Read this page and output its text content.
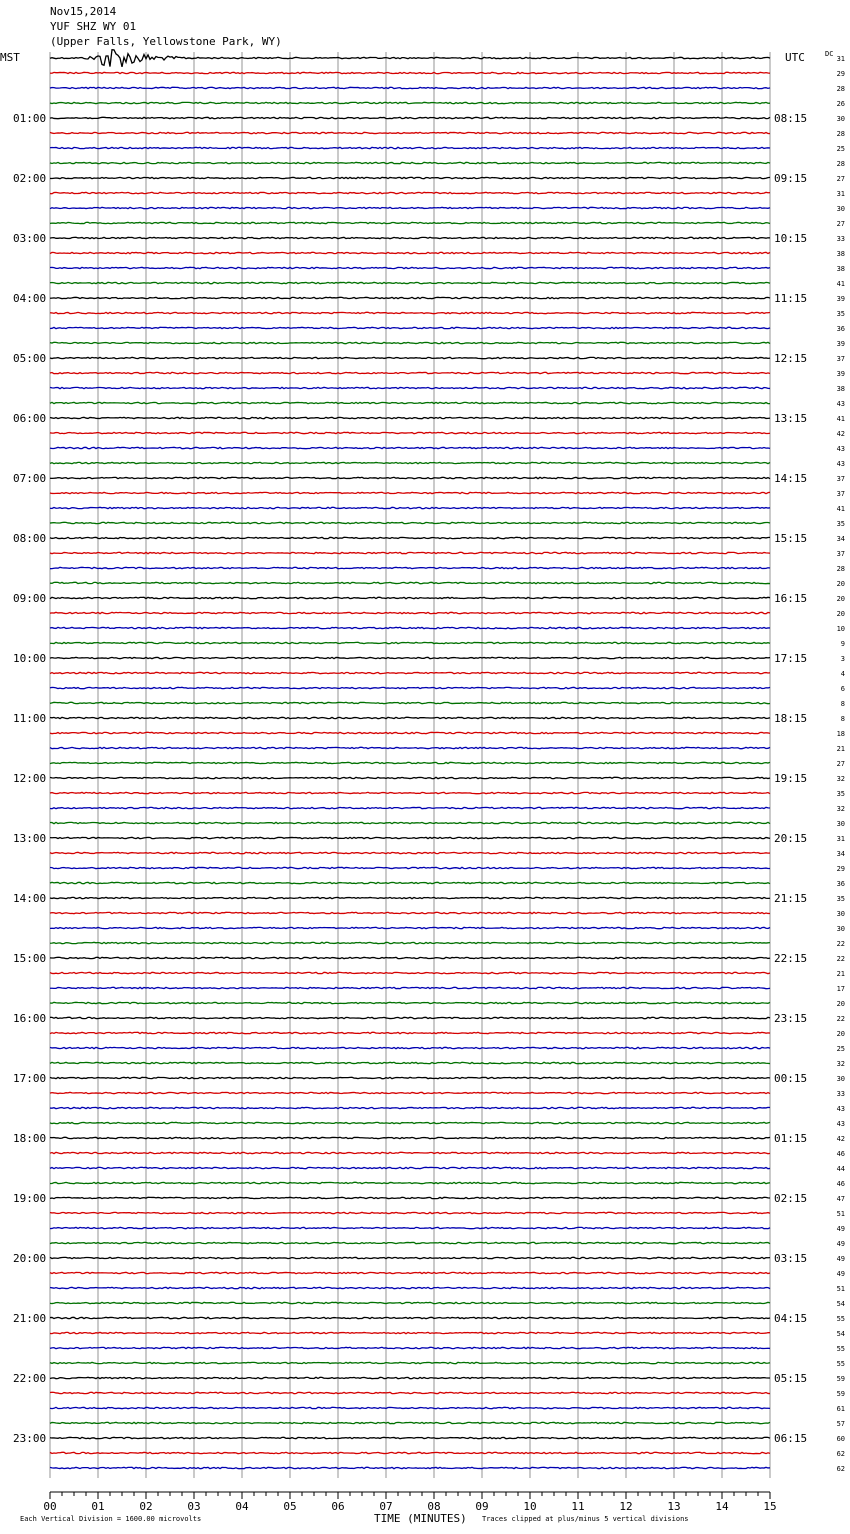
Nov15,2014
YUF SHZ WY 01
(Upper Falls, Yellowstone Park, WY)
MST	UTC	DC
01:00
02:00
03:00
04:00
05:00
06:00
07:00
08:00
09:00
10:00
11:00
12:00
13:00
14:00
15:00
16:00
17:00
18:00
19:00
20:00
21:00
22:00
23:00
08:15
09:15
10:15
11:15
12:15
13:15
14:15
15:15
16:15
17:15
18:15
19:15
20:15
21:15
22:15
23:15
00:15
01:15
02:15
03:15
04:15
05:15
06:15
31
29
28
26
30
28
25
28
27
31
30
27
33
38
38
41
39
35
36
39
37
39
38
43
41
42
43
43
37
37
41
35
34
37
28
20
20
20
10
9
3
4
6
8
8
18
21
27
32
35
32
30
31
34
29
36
35
30
30
22
22
21
17
20
22
20
25
32
30
33
43
43
42
46
44
46
47
51
49
49
49
49
51
54
55
54
55
55
59
59
61
57
60
62
62
00	01	02	03	04	05	06	07	08	09	10	11	12	13	14	15
Each Vertical Division = 1600.00 microvolts	TIME (MINUTES) Traces clipped at plus/minus 5 vertical divisions
